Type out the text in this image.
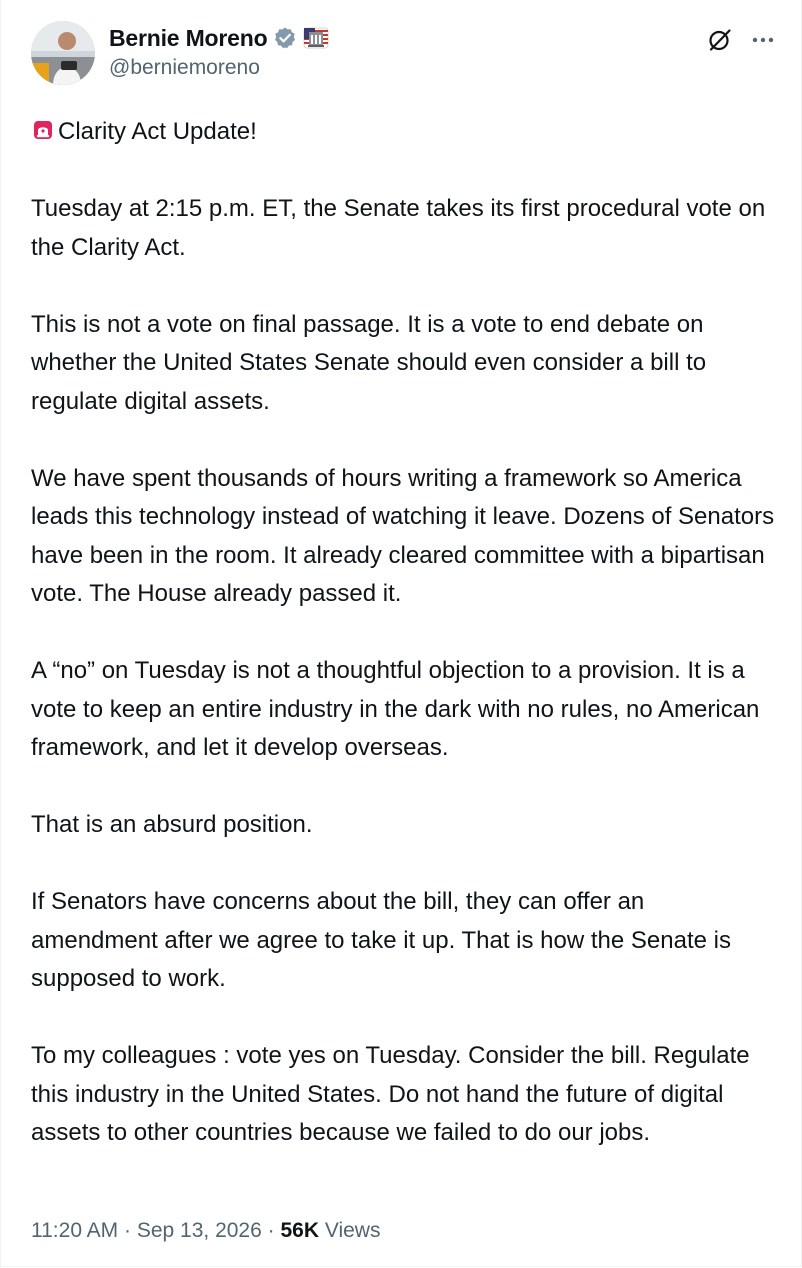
Bernie Moreno
@berniemoreno

Clarity Act Update!

Tuesday at 2:15 p.m. ET, the Senate takes its first procedural vote on the Clarity Act.

This is not a vote on final passage. It is a vote to end debate on whether the United States Senate should even consider a bill to regulate digital assets.

We have spent thousands of hours writing a framework so America leads this technology instead of watching it leave. Dozens of Senators have been in the room. It already cleared committee with a bipartisan vote. The House already passed it.

A “no” on Tuesday is not a thoughtful objection to a provision. It is a vote to keep an entire industry in the dark with no rules, no American framework, and let it develop overseas.

That is an absurd position.

If Senators have concerns about the bill, they can offer an amendment after we agree to take it up. That is how the Senate is supposed to work.

To my colleagues : vote yes on Tuesday. Consider the bill. Regulate this industry in the United States. Do not hand the future of digital assets to other countries because we failed to do our jobs.

11:20 AM · Sep 13, 2026 · 56K Views
